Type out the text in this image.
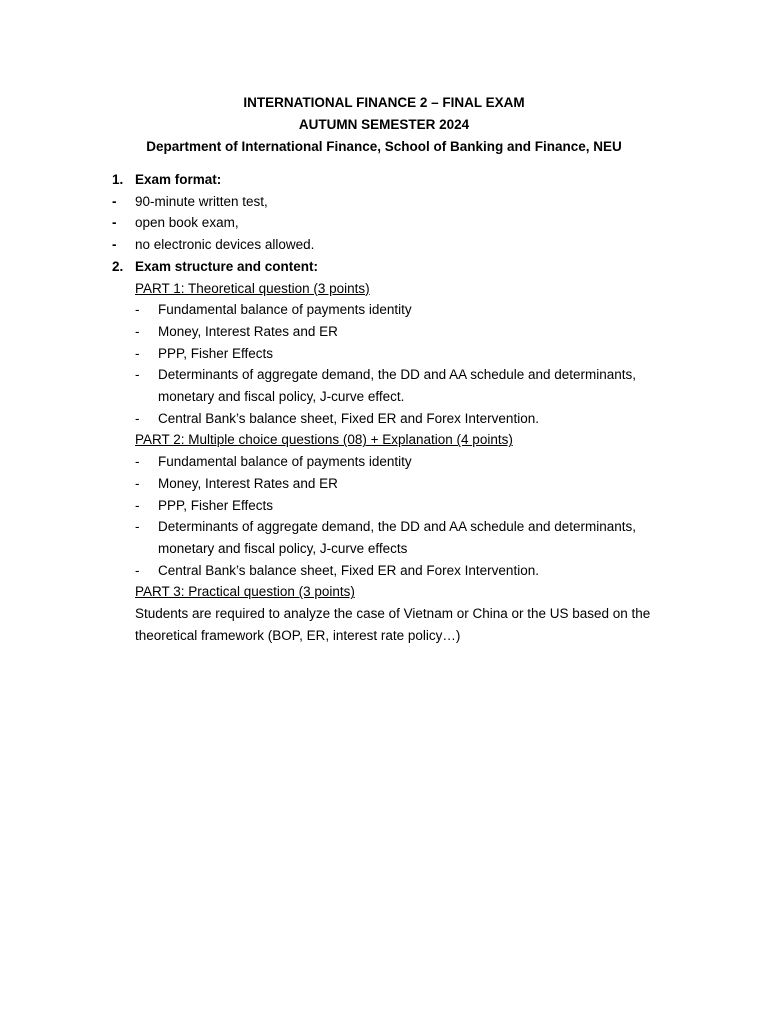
INTERNATIONAL FINANCE 2 – FINAL EXAM
AUTUMN SEMESTER 2024
Department of International Finance, School of Banking and Finance, NEU
1. Exam format:
- 90-minute written test,
- open book exam,
- no electronic devices allowed.
2. Exam structure and content:
PART 1: Theoretical question (3 points)
- Fundamental balance of payments identity
- Money, Interest Rates and ER
- PPP, Fisher Effects
- Determinants of aggregate demand, the DD and AA schedule and determinants, monetary and fiscal policy, J-curve effect.
- Central Bank’s balance sheet, Fixed ER and Forex Intervention.
PART 2: Multiple choice questions (08) + Explanation (4 points)
- Fundamental balance of payments identity
- Money, Interest Rates and ER
- PPP, Fisher Effects
- Determinants of aggregate demand, the DD and AA schedule and determinants, monetary and fiscal policy, J-curve effects
- Central Bank’s balance sheet, Fixed ER and Forex Intervention.
PART 3: Practical question (3 points)
Students are required to analyze the case of Vietnam or China or the US based on the theoretical framework (BOP, ER, interest rate policy…)
